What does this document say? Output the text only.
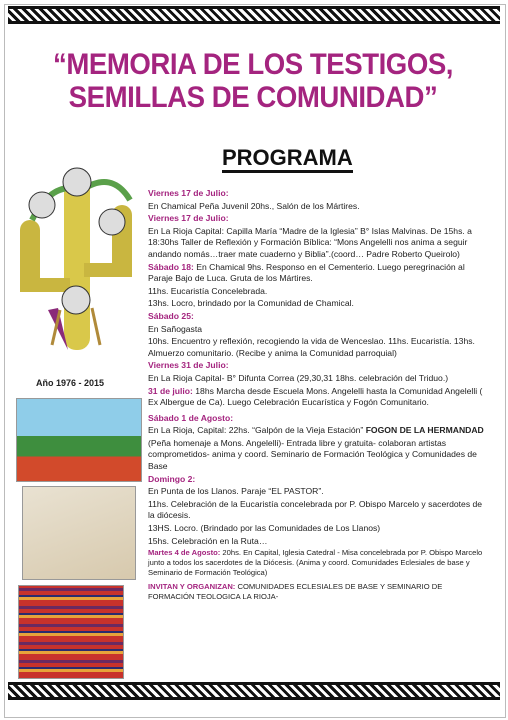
“MEMORIA DE LOS TESTIGOS,
SEMILLAS DE COMUNIDAD”
PROGRAMA
Año 1976 - 2015

Viernes 17 de Julio:

En Chamical Peña Juvenil 20hs., Salón de los Mártires.

Viernes 17 de Julio:

En La Rioja Capital: Capilla María “Madre de la Iglesia” B° Islas Malvinas. De 15hs. a 18:30hs Taller de Reflexión y Formación Bíblica: “Mons Angelelli nos anima a seguir andando nomás…traer mate cuaderno y Biblia”.(coord… Padre Roberto Queirolo)

Sábado 18: En Chamical 9hs. Responso en el Cementerio. Luego peregrinación al Paraje Bajo de Luca. Gruta de los Mártires.

11hs. Eucaristía Concelebrada.

13hs. Locro, brindado por la Comunidad de Chamical.

Sábado 25:

En Sañogasta

10hs. Encuentro y reflexión, recogiendo la vida de Wenceslao. 11hs. Eucaristía. 13hs. Almuerzo comunitario. (Recibe y anima la Comunidad parroquial)

Viernes 31 de Julio:

En La Rioja Capital- B° Difunta Correa (29,30,31 18hs. celebración del Triduo.)

31 de julio: 18hs Marcha desde Escuela Mons. Angelelli hasta la Comunidad Angelelli ( Ex Albergue de Ca). Luego Celebración Eucarística y Fogón Comunitario.

Sábado 1 de Agosto:

En La Rioja, Capital: 22hs. “Galpón de la Vieja Estación” FOGON DE LA HERMANDAD

(Peña homenaje a Mons. Angelelli)- Entrada libre y gratuita- colaboran artistas comprometidos- anima y coord. Seminario de Formación Teológica y Comunidades de Base

Domingo 2:

En Punta de los Llanos. Paraje “EL PASTOR”.

11hs. Celebración de la Eucaristía concelebrada por P. Obispo Marcelo y sacerdotes de la diócesis.

13HS. Locro. (Brindado por las Comunidades de Los Llanos)

15hs. Celebración en la Ruta…

Martes 4 de Agosto: 20hs. En Capital, Iglesia Catedral - Misa concelebrada por P. Obispo Marcelo junto a todos los sacerdotes de la Diócesis. (Anima y coord. Comunidades Eclesiales de base y Seminario de Formación Teológica)

INVITAN Y ORGANIZAN: COMUNIDADES ECLESIALES DE BASE Y SEMINARIO DE FORMACIÓN TEOLOGICA LA RIOJA-
